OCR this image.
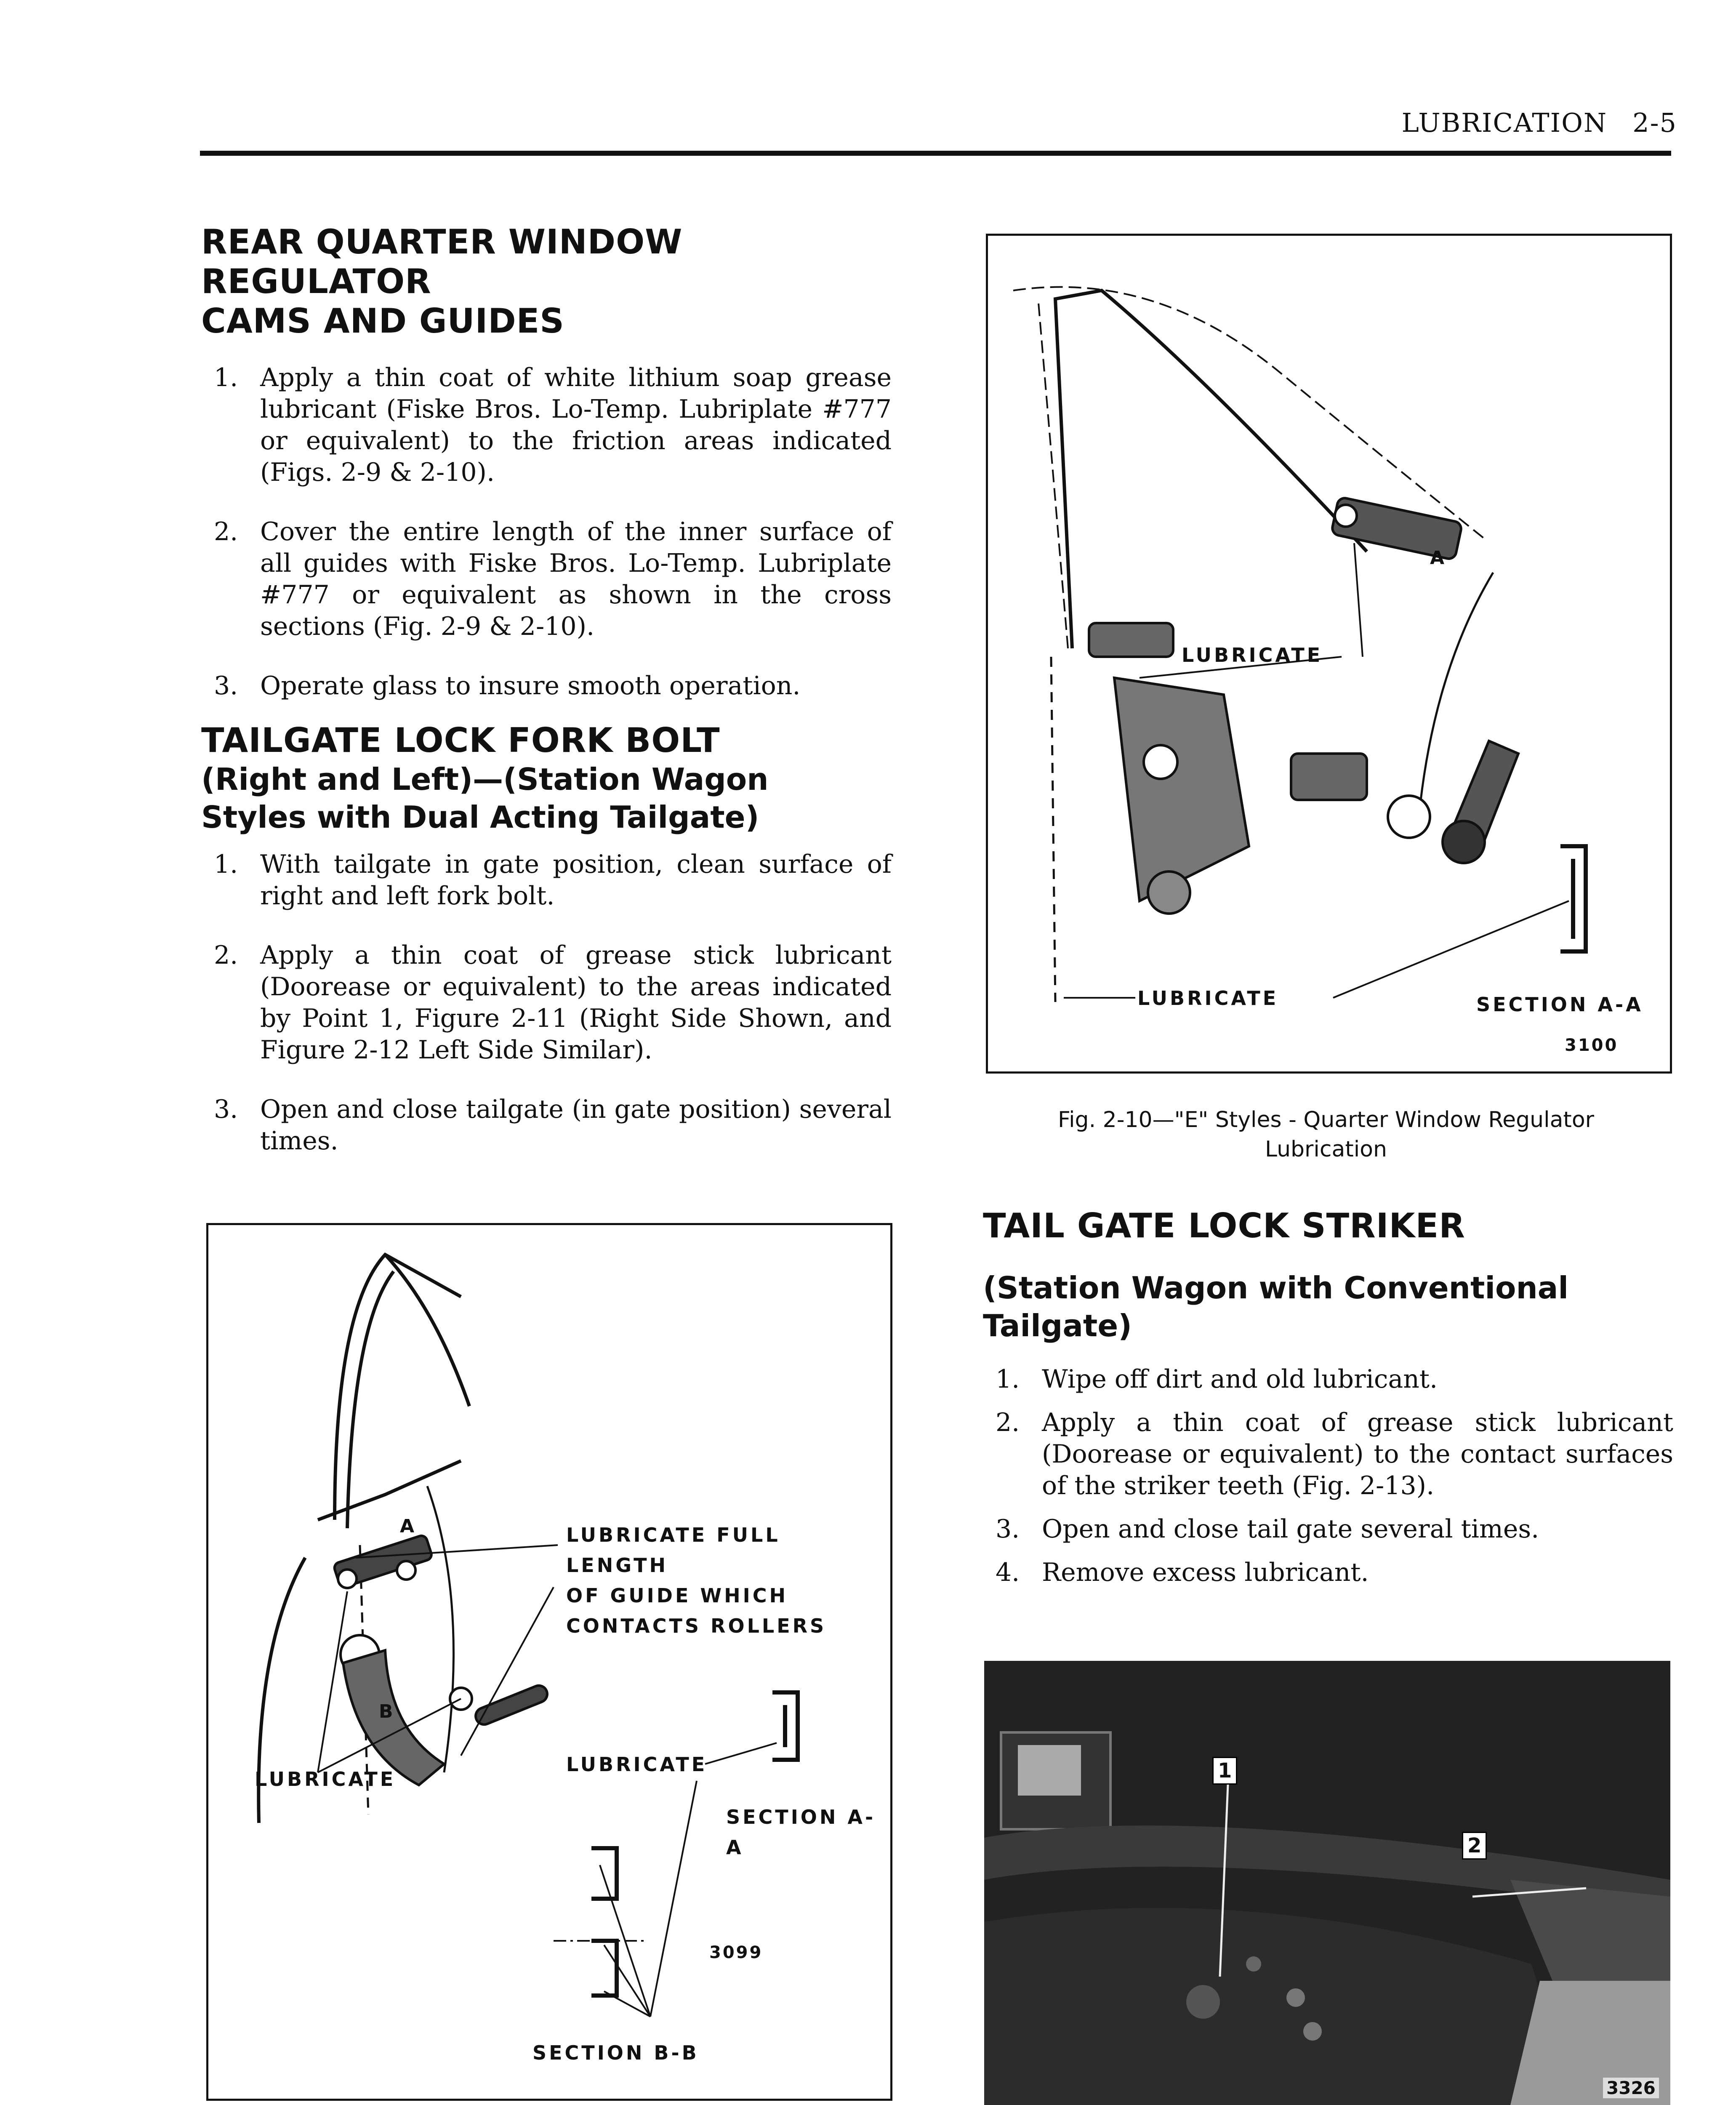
LUBRICATION 2-5
REAR QUARTER WINDOW REGULATOR
CAMS AND GUIDES
1. Apply a thin coat of white lithium soap grease lubricant (Fiske Bros. Lo-Temp. Lubriplate #777 or equivalent) to the friction areas indicated (Figs. 2-9 & 2-10).
2. Cover the entire length of the inner surface of all guides with Fiske Bros. Lo-Temp. Lubriplate #777 or equivalent as shown in the cross sections (Fig. 2-9 & 2-10).
3. Operate glass to insure smooth operation.
TAILGATE LOCK FORK BOLT
(Right and Left)—(Station Wagon
Styles with Dual Acting Tailgate)
1. With tailgate in gate position, clean surface of right and left fork bolt.
2. Apply a thin coat of grease stick lubricant (Doorease or equivalent) to the areas indicated by Point 1, Figure 2-11 (Right Side Shown, and Figure 2-12 Left Side Similar).
3. Open and close tailgate (in gate position) several times.
A
B
LUBRICATE FULL LENGTH
OF GUIDE WHICH
CONTACTS ROLLERS
LUBRICATE
LUBRICATE
SECTION A-A
3099
SECTION B-B
A
LUBRICATE
LUBRICATE	SECTION A-A
3100
Fig. 2-10—"E" Styles - Quarter Window Regulator
Lubrication
TAIL GATE LOCK STRIKER
(Station Wagon with Conventional
Tailgate)
1. Wipe off dirt and old lubricant.
2. Apply a thin coat of grease stick lubricant (Doorease or equivalent) to the contact surfaces of the striker teeth (Fig. 2-13).
3. Open and close tail gate several times.
4. Remove excess lubricant.
1
2
3326
